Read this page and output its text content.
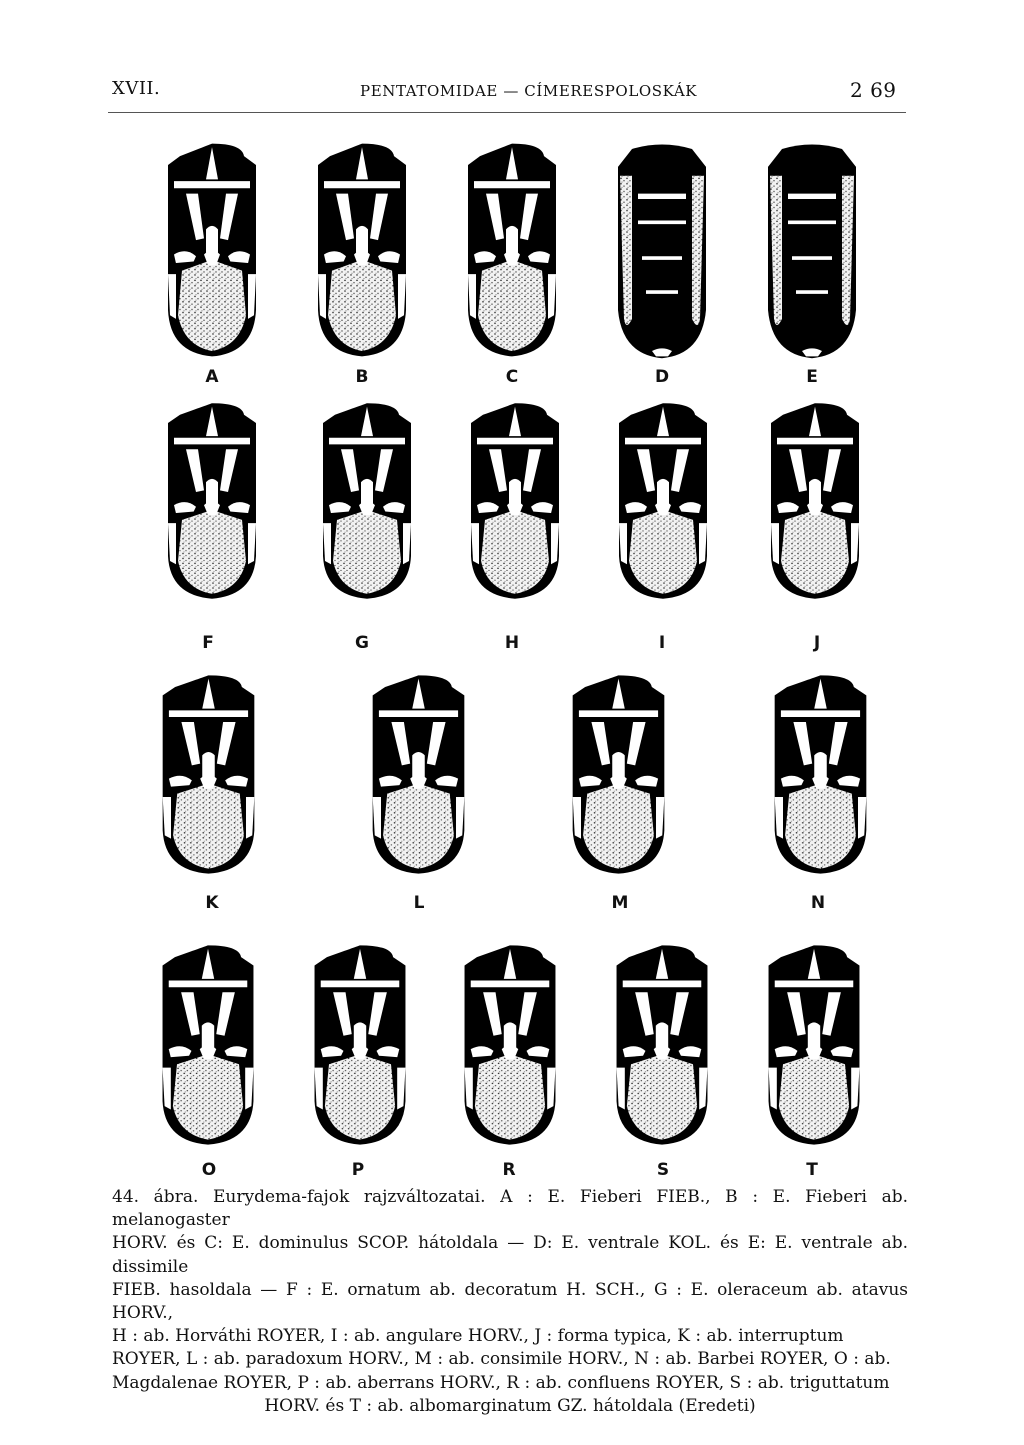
XVII.	PENTATOMIDAE — CÍMERESPOLOSKÁK	2 69
A	B	C	D	E
F	G	H	I	J
K	L	M	N
O	P	R	S	T

44. ábra. Eurydema-fajok rajzváltozatai. A : E. Fieberi FIEB., B : E. Fieberi ab. melanogaster

HORV. és C: E. dominulus SCOP. hátoldala — D: E. ventrale KOL. és E: E. ventrale ab. dissimile

FIEB. hasoldala — F : E. ornatum ab. decoratum H. SCH., G : E. oleraceum ab. atavus HORV.,

H : ab. Horváthi ROYER, I : ab. angulare HORV., J : forma typica, K : ab. interruptum

ROYER, L : ab. paradoxum HORV., M : ab. consimile HORV., N : ab. Barbei ROYER, O : ab.

Magdalenae ROYER, P : ab. aberrans HORV., R : ab. confluens ROYER, S : ab. triguttatum

HORV. és T : ab. albomarginatum GZ. hátoldala (Eredeti)
